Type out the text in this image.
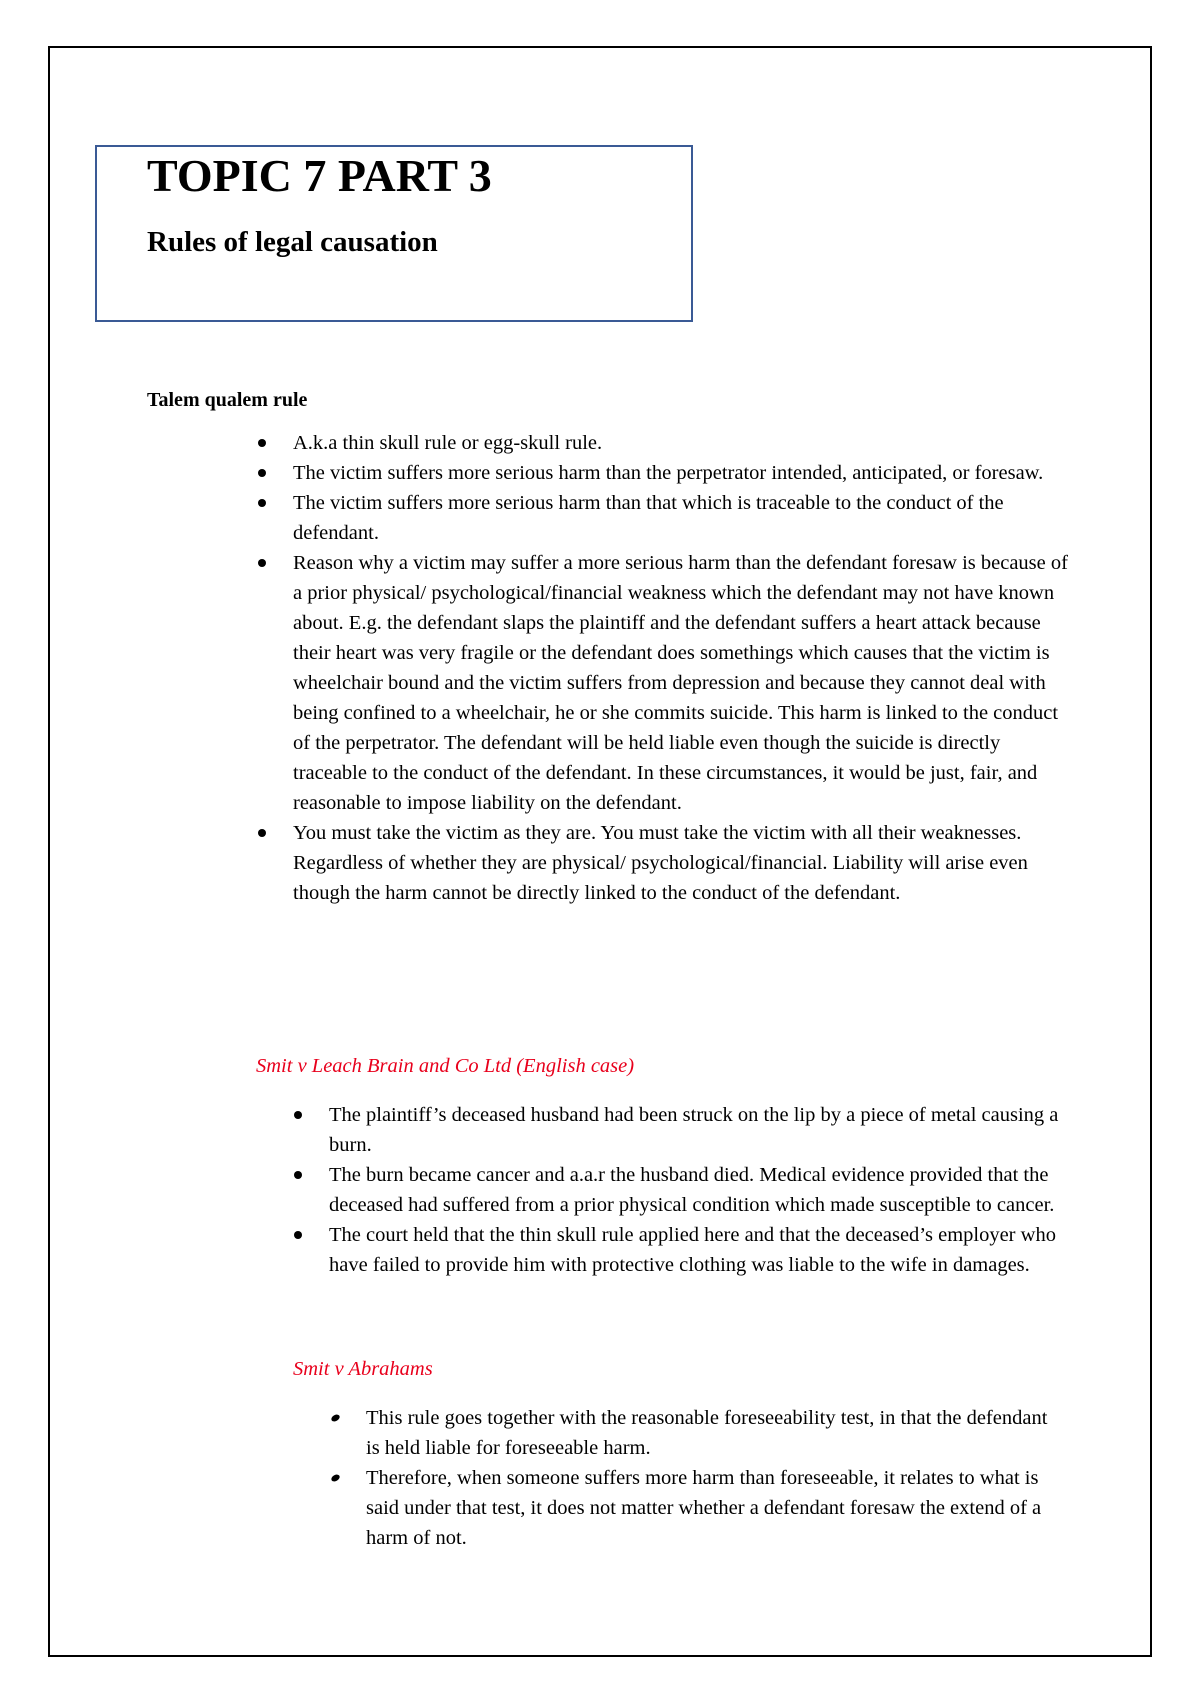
TOPIC 7 PART 3
Rules of legal causation
Talem qualem rule
A.k.a thin skull rule or egg-skull rule.
The victim suffers more serious harm than the perpetrator intended, anticipated, or foresaw.
The victim suffers more serious harm than that which is traceable to the conduct of the defendant.
Reason why a victim may suffer a more serious harm than the defendant foresaw is because of a prior physical/ psychological/financial weakness which the defendant may not have known about. E.g. the defendant slaps the plaintiff and the defendant suffers a heart attack because their heart was very fragile or the defendant does somethings which causes that the victim is wheelchair bound and the victim suffers from depression and because they cannot deal with being confined to a wheelchair, he or she commits suicide. This harm is linked to the conduct of the perpetrator. The defendant will be held liable even though the suicide is directly traceable to the conduct of the defendant. In these circumstances, it would be just, fair, and reasonable to impose liability on the defendant.
You must take the victim as they are. You must take the victim with all their weaknesses. Regardless of whether they are physical/ psychological/financial. Liability will arise even though the harm cannot be directly linked to the conduct of the defendant.
Smit v Leach Brain and Co Ltd (English case)
The plaintiff’s deceased husband had been struck on the lip by a piece of metal causing a burn.
The burn became cancer and a.a.r the husband died. Medical evidence provided that the deceased had suffered from a prior physical condition which made susceptible to cancer.
The court held that the thin skull rule applied here and that the deceased’s employer who have failed to provide him with protective clothing was liable to the wife in damages.
Smit v Abrahams
This rule goes together with the reasonable foreseeability test, in that the defendant is held liable for foreseeable harm.
Therefore, when someone suffers more harm than foreseeable, it relates to what is said under that test, it does not matter whether a defendant foresaw the extend of a harm of not.
